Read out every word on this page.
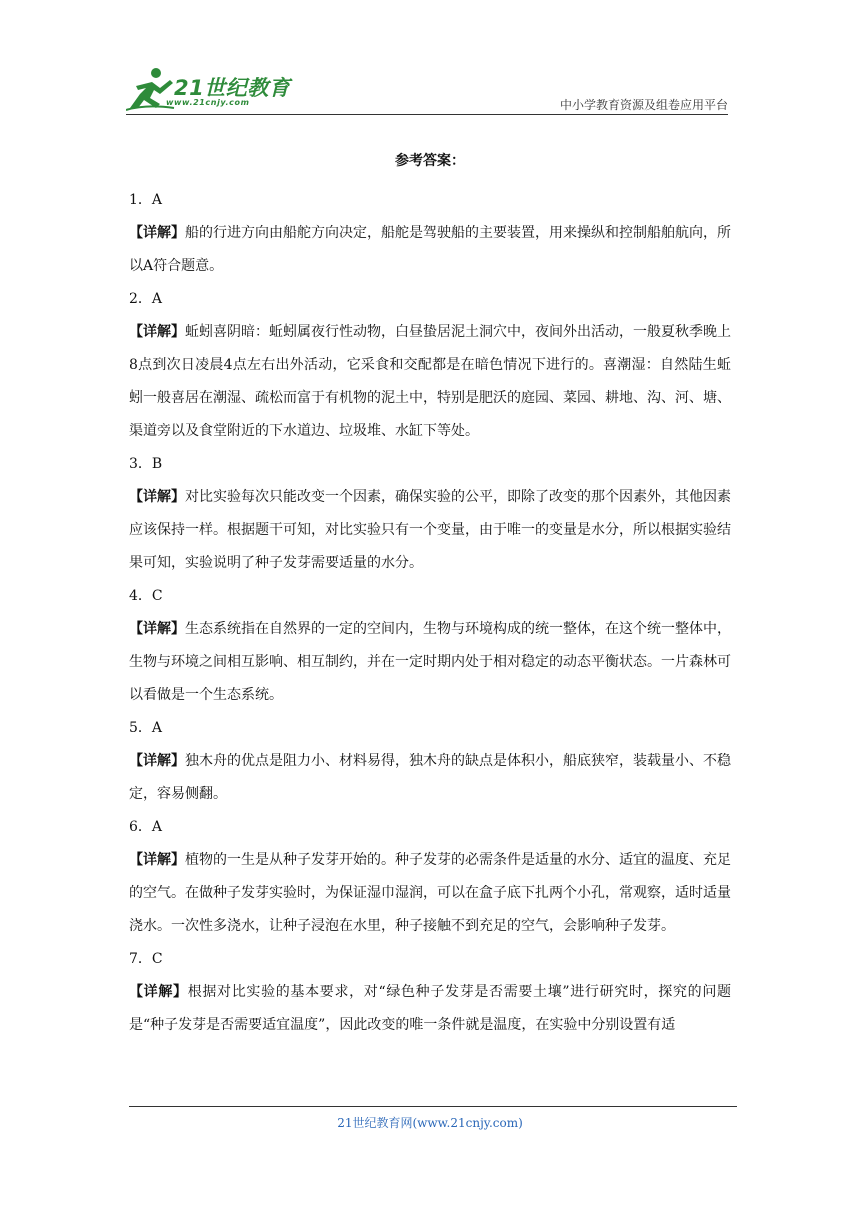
21世纪教育
www.21cnjy.com	中小学教育资源及组卷应用平台

参考答案：

1．A

【详解】船的行进方向由船舵方向决定，船舵是驾驶船的主要装置，用来操纵和控制船舶航向，所以A符合题意。

2．A

【详解】蚯蚓喜阴暗：蚯蚓属夜行性动物，白昼蛰居泥土洞穴中，夜间外出活动，一般夏秋季晚上8点到次日凌晨4点左右出外活动，它采食和交配都是在暗色情况下进行的。喜潮湿：自然陆生蚯蚓一般喜居在潮湿、疏松而富于有机物的泥土中，特别是肥沃的庭园、菜园、耕地、沟、河、塘、渠道旁以及食堂附近的下水道边、垃圾堆、水缸下等处。

3．B

【详解】对比实验每次只能改变一个因素，确保实验的公平，即除了改变的那个因素外，其他因素应该保持一样。根据题干可知，对比实验只有一个变量，由于唯一的变量是水分，所以根据实验结果可知，实验说明了种子发芽需要适量的水分。

4．C

【详解】生态系统指在自然界的一定的空间内，生物与环境构成的统一整体，在这个统一整体中，生物与环境之间相互影响、相互制约，并在一定时期内处于相对稳定的动态平衡状态。一片森林可以看做是一个生态系统。

5．A

【详解】独木舟的优点是阻力小、材料易得，独木舟的缺点是体积小，船底狭窄，装载量小、不稳定，容易侧翻。

6．A

【详解】植物的一生是从种子发芽开始的。种子发芽的必需条件是适量的水分、适宜的温度、充足的空气。在做种子发芽实验时，为保证湿巾湿润，可以在盒子底下扎两个小孔，常观察，适时适量浇水。一次性多浇水，让种子浸泡在水里，种子接触不到充足的空气，会影响种子发芽。

7．C

【详解】根据对比实验的基本要求，对“绿色种子发芽是否需要土壤”进行研究时，探究的问题是“种子发芽是否需要适宜温度”，因此改变的唯一条件就是温度，在实验中分别设置有适

21世纪教育网(www.21cnjy.com)
